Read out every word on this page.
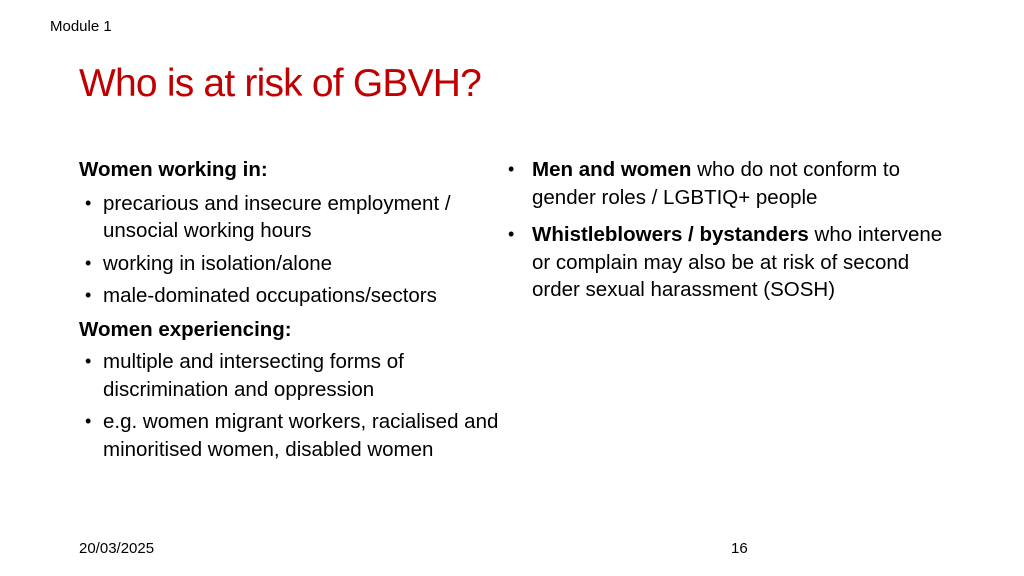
Module 1
Who is at risk of GBVH?

Women working in:

• precarious and insecure employment / unsocial working hours
• working in isolation/alone
• male-dominated occupations/sectors

Women experiencing:

• multiple and intersecting forms of discrimination and oppression
• e.g. women migrant workers, racialised and minoritised women, disabled women
• Men and women who do not conform to gender roles / LGBTIQ+ people
• Whistleblowers / bystanders who intervene or complain may also be at risk of second order sexual harassment (SOSH)
20/03/2025	16
